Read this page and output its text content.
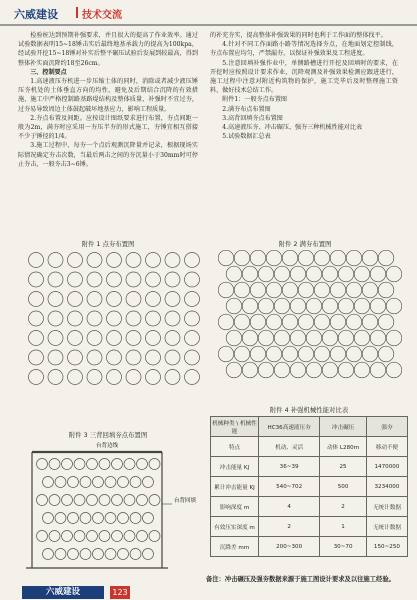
六威建设 技术交流

检验桩达到预期补强要求，并且很大的提高了作业效率。通过试验数据表明15~18锤击实后最终地基承载力的提高为100kpa，经试验开挖15~18锤对补实后整平碾压试验后发展到较最高，得到整体补实面沉降约18至26cm。

三、控制要点

1.高速液压夯机进一步压缩土体的同时，消除或者减少液压锤压夯机处的土体垂直方向的均性，避免及后期结合沉降的有效措施，施工中严格控制路基路堤结构及整体质量，补强时不宜过夯，过夯易导致周边土体鼓起破坏地基应力，影响工程质量。

2.夯点布置及间距。应按设计图纸要求进行布置，夯点间距一般为2m，满夯时应采用一夯压半夯的形式施工，夯锤宜相互搭接不少于锤径的1/4。

3.施工过程中，每夯一个点后观测沉降量并记录，根据现场实际情况确定夯击次数，当最后两击之间的夯沉量小于30mm时可停止夯击，一般夯击3~6锤。

的补充夯实，提高整体补强效果的同时也利于工作面的整体找平。

4.针对不同工作面路小路等情况选择夯点，在地面划定控制线，夯点布置应均匀，严禁漏夯，以保证补强效果及工程进度。

5.注意回填补强作业中，单侧路槽进行开挖及回填时的要求，在开挖时应按照设计要求作业，沉降观测及补强效果检测应跟进进行，施工过程中注意对附近构筑物的保护，施工完毕后及时整理施工资料，做好技术总结工作。

附件1：一般夯点布置图
2.满夯布点布置图
3.高背回填夯点布置图
4.高速液压夯、冲击碾压、强夯三种机械性能对比表
5.试验数据汇总表
附件 1 点夯布置图	附件 2 满夯布置图
附件 3 三背回填夯点布置图
台背边线
台背回填
附件 4 补强机械性能对比表
机械种类 \ 机械性能	HC36高速液压夯	冲击碾压	强夯
特点	机动、灵活	动体 L280m	移动不便
冲击能量 KJ	36~39	25	1470000
累计冲击能量 KJ	540~702	500	3234000
影响深度 m	4	2	无统计数据
有效压实深度 m	2	1	无统计数据
沉降差 mm	200~300	30~70	150~250
备注：冲击碾压及强夯数据来源于施工图设计要求及以往施工经验。
六威建设	123
